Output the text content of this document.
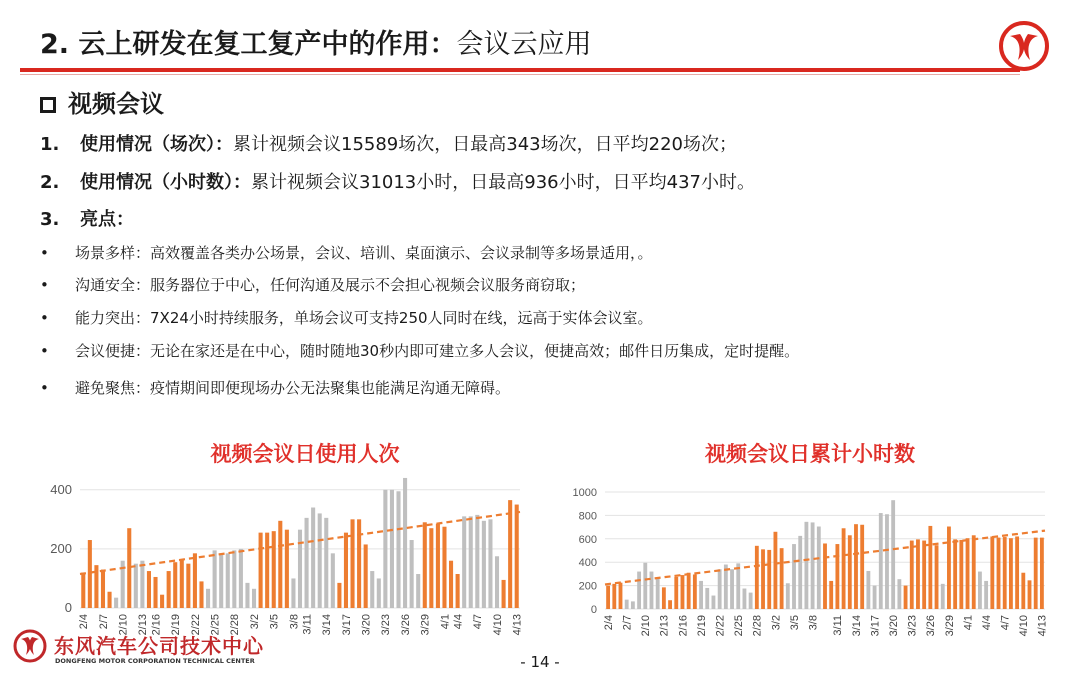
2. 云上研发在复工复产中的作用：会议云应用
视频会议
1. 使用情况（场次）：累计视频会议15589场次，日最高343场次，日平均220场次；
2. 使用情况（小时数）：累计视频会议31013小时，日最高936小时，日平均437小时。
3. 亮点：
• 场景多样：高效覆盖各类办公场景，会议、培训、桌面演示、会议录制等多场景适用，。
• 沟通安全：服务器位于中心，任何沟通及展示不会担心视频会议服务商窃取；
• 能力突出：7X24小时持续服务，单场会议可支持250人同时在线，远高于实体会议室。
• 会议便捷：无论在家还是在中心，随时随地30秒内即可建立多人会议，便捷高效；邮件日历集成，定时提醒。
• 避免聚焦：疫情期间即便现场办公无法聚集也能满足沟通无障碍。
视频会议日使用人次	视频会议日累计小时数
0
200
400
2/4 2/7 2/10 2/13 2/16 2/19 2/22 2/25 2/28 3/2 3/5 3/8 3/11 3/14 3/17 3/20 3/23 3/26 3/29 4/1 4/4 4/7 4/10 4/13
0
200
400
600
800
1000
2/4 2/7 2/10 2/13 2/16 2/19 2/22 2/25 2/28 3/2 3/5 3/8 3/11 3/14 3/17 3/20 3/23 3/26 3/29 4/1 4/4 4/7 4/10 4/13
东风汽车公司技术中心
DONGFENG MOTOR CORPORATION TECHNICAL CENTER	- 14 -
